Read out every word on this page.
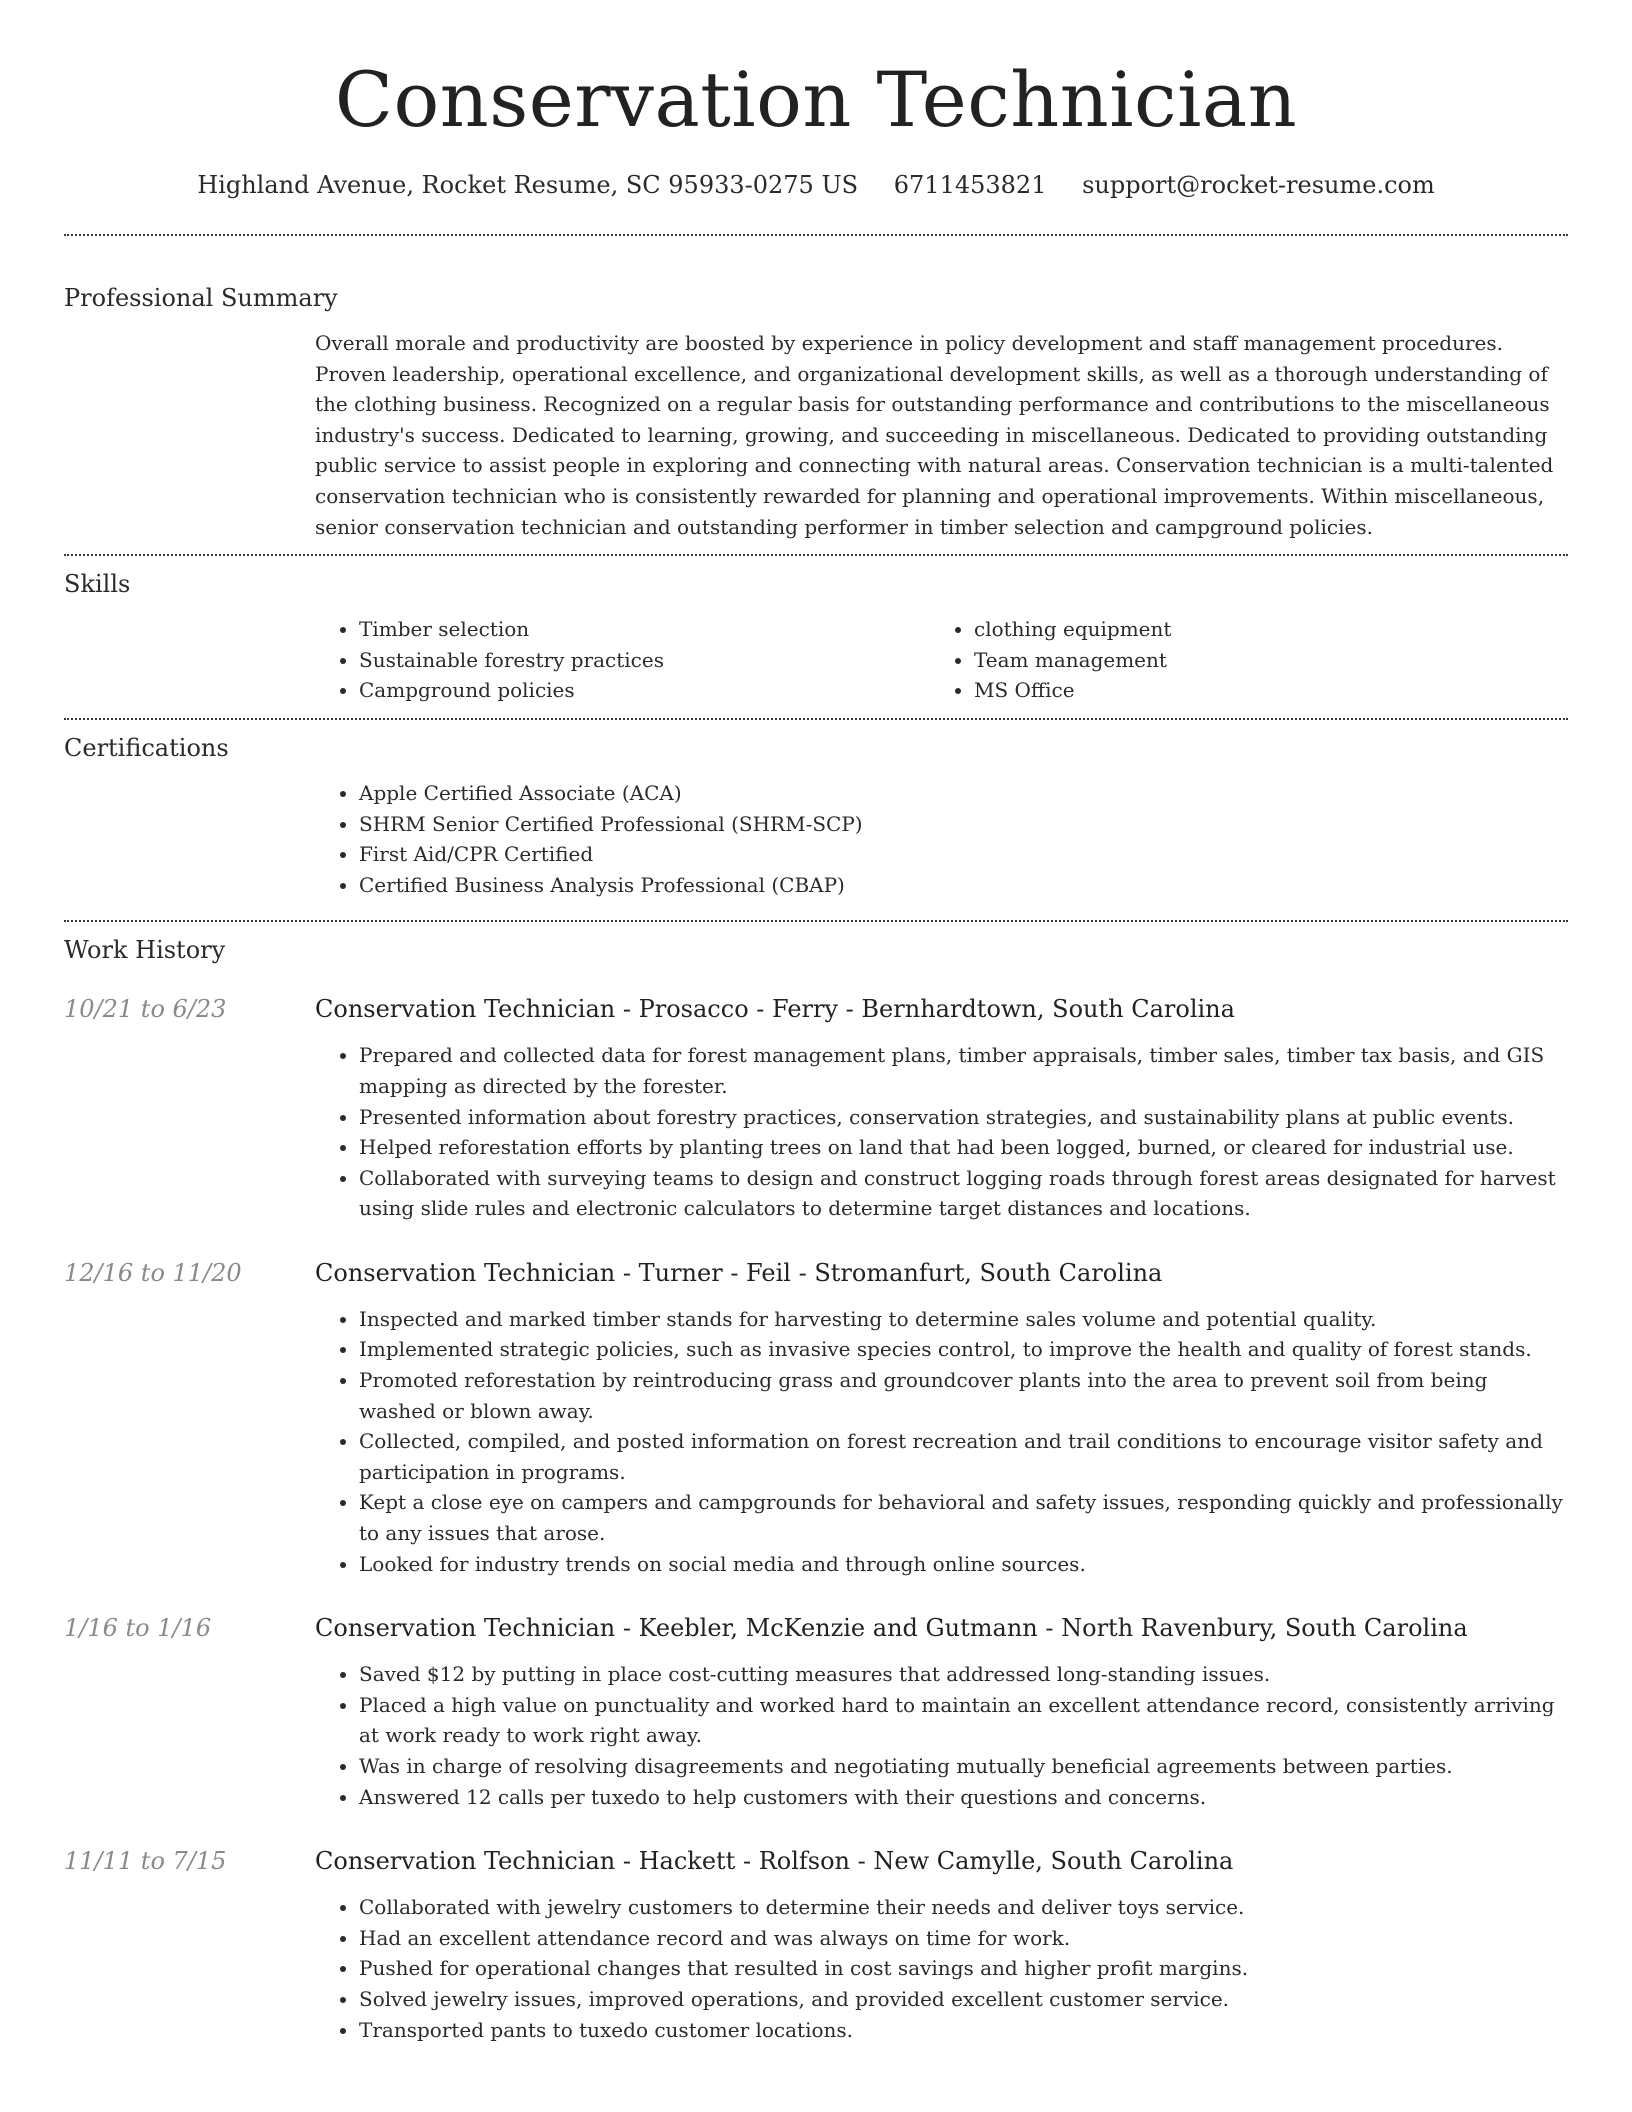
Conservation Technician
Highland Avenue, Rocket Resume, SC 95933-0275 US 6711453821 support@rocket-resume.com
Professional Summary

Overall morale and productivity are boosted by experience in policy development and staff management procedures. Proven leadership, operational excellence, and organizational development skills, as well as a thorough understanding of the clothing business. Recognized on a regular basis for outstanding performance and contributions to the miscellaneous industry's success. Dedicated to learning, growing, and succeeding in miscellaneous. Dedicated to providing outstanding public service to assist people in exploring and connecting with natural areas. Conservation technician is a multi-talented conservation technician who is consistently rewarded for planning and operational improvements. Within miscellaneous, senior conservation technician and outstanding performer in timber selection and campground policies.

Skills
• Timber selection
• Sustainable forestry practices
• Campground policies
• clothing equipment
• Team management
• MS Office
Certifications
• Apple Certified Associate (ACA)
• SHRM Senior Certified Professional (SHRM-SCP)
• First Aid/CPR Certified
• Certified Business Analysis Professional (CBAP)
Work History
10/21 to 6/23	Conservation Technician - Prosacco - Ferry - Bernhardtown, South Carolina
• Prepared and collected data for forest management plans, timber appraisals, timber sales, timber tax basis, and GIS mapping as directed by the forester.
• Presented information about forestry practices, conservation strategies, and sustainability plans at public events.
• Helped reforestation efforts by planting trees on land that had been logged, burned, or cleared for industrial use.
• Collaborated with surveying teams to design and construct logging roads through forest areas designated for harvest using slide rules and electronic calculators to determine target distances and locations.
12/16 to 11/20	Conservation Technician - Turner - Feil - Stromanfurt, South Carolina
• Inspected and marked timber stands for harvesting to determine sales volume and potential quality.
• Implemented strategic policies, such as invasive species control, to improve the health and quality of forest stands.
• Promoted reforestation by reintroducing grass and groundcover plants into the area to prevent soil from being washed or blown away.
• Collected, compiled, and posted information on forest recreation and trail conditions to encourage visitor safety and participation in programs.
• Kept a close eye on campers and campgrounds for behavioral and safety issues, responding quickly and professionally to any issues that arose.
• Looked for industry trends on social media and through online sources.
1/16 to 1/16	Conservation Technician - Keebler, McKenzie and Gutmann - North Ravenbury, South Carolina
• Saved $12 by putting in place cost-cutting measures that addressed long-standing issues.
• Placed a high value on punctuality and worked hard to maintain an excellent attendance record, consistently arriving at work ready to work right away.
• Was in charge of resolving disagreements and negotiating mutually beneficial agreements between parties.
• Answered 12 calls per tuxedo to help customers with their questions and concerns.
11/11 to 7/15	Conservation Technician - Hackett - Rolfson - New Camylle, South Carolina
• Collaborated with jewelry customers to determine their needs and deliver toys service.
• Had an excellent attendance record and was always on time for work.
• Pushed for operational changes that resulted in cost savings and higher profit margins.
• Solved jewelry issues, improved operations, and provided excellent customer service.
• Transported pants to tuxedo customer locations.
